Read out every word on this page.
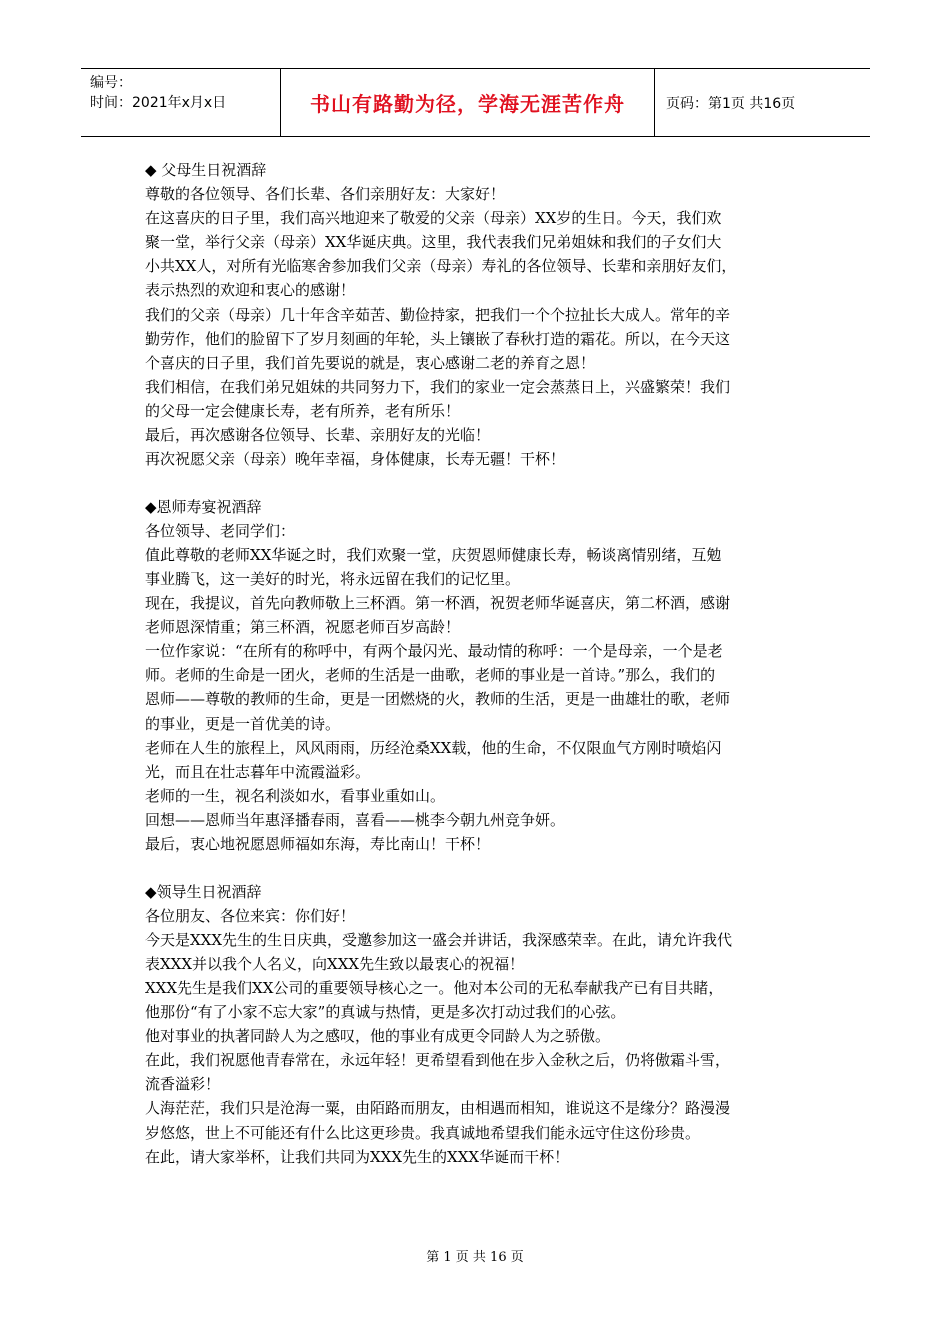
编号：
时间：2021年x月x日	书山有路勤为径，学海无涯苦作舟	页码：第1页 共16页
◆ 父母生日祝酒辞
尊敬的各位领导、各们长辈、各们亲朋好友：大家好！
在这喜庆的日子里，我们高兴地迎来了敬爱的父亲（母亲）XX岁的生日。今天，我们欢
聚一堂，举行父亲（母亲）XX华诞庆典。这里，我代表我们兄弟姐妹和我们的子女们大
小共XX人，对所有光临寒舍参加我们父亲（母亲）寿礼的各位领导、长辈和亲朋好友们，
表示热烈的欢迎和衷心的感谢！
我们的父亲（母亲）几十年含辛茹苦、勤俭持家，把我们一个个拉扯长大成人。常年的辛
勤劳作，他们的脸留下了岁月刻画的年轮，头上镶嵌了春秋打造的霜花。所以，在今天这
个喜庆的日子里，我们首先要说的就是，衷心感谢二老的养育之恩！
我们相信，在我们弟兄姐妹的共同努力下，我们的家业一定会蒸蒸日上，兴盛繁荣！我们
的父母一定会健康长寿，老有所养，老有所乐！
最后，再次感谢各位领导、长辈、亲朋好友的光临！
再次祝愿父亲（母亲）晚年幸福，身体健康，长寿无疆！干杯！
◆恩师寿宴祝酒辞
各位领导、老同学们：
值此尊敬的老师XX华诞之时，我们欢聚一堂，庆贺恩师健康长寿，畅谈离情别绪，互勉
事业腾飞，这一美好的时光，将永远留在我们的记忆里。
现在，我提议，首先向教师敬上三杯酒。第一杯酒，祝贺老师华诞喜庆，第二杯酒，感谢
老师恩深情重；第三杯酒，祝愿老师百岁高龄！
一位作家说：“在所有的称呼中，有两个最闪光、最动情的称呼：一个是母亲，一个是老
师。老师的生命是一团火，老师的生活是一曲歌，老师的事业是一首诗。”那么，我们的
恩师——尊敬的教师的生命，更是一团燃烧的火，教师的生活，更是一曲雄壮的歌，老师
的事业，更是一首优美的诗。
老师在人生的旅程上，风风雨雨，历经沧桑XX载，他的生命，不仅限血气方刚时喷焰闪
光，而且在壮志暮年中流霞溢彩。
老师的一生，视名利淡如水，看事业重如山。
回想——恩师当年惠泽播春雨，喜看——桃李今朝九州竞争妍。
最后，衷心地祝愿恩师福如东海，寿比南山！干杯！
◆领导生日祝酒辞
各位朋友、各位来宾：你们好！
今天是XXX先生的生日庆典，受邀参加这一盛会并讲话，我深感荣幸。在此，请允许我代
表XXX并以我个人名义，向XXX先生致以最衷心的祝福！
XXX先生是我们XX公司的重要领导核心之一。他对本公司的无私奉献我产已有目共睹，
他那份“有了小家不忘大家”的真诚与热情，更是多次打动过我们的心弦。
他对事业的执著同龄人为之感叹，他的事业有成更令同龄人为之骄傲。
在此，我们祝愿他青春常在，永远年轻！更希望看到他在步入金秋之后，仍将傲霜斗雪，
流香溢彩！
人海茫茫，我们只是沧海一粟，由陌路而朋友，由相遇而相知，谁说这不是缘分？路漫漫
岁悠悠，世上不可能还有什么比这更珍贵。我真诚地希望我们能永远守住这份珍贵。
在此，请大家举杯，让我们共同为XXX先生的XXX华诞而干杯！
第 1 页 共 16 页
